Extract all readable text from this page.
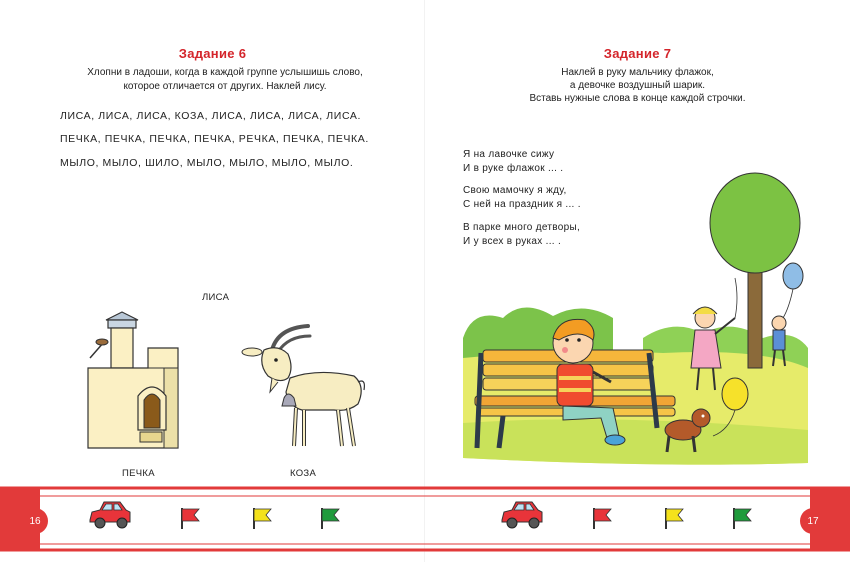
Задание 6
Хлопни в ладоши, когда в каждой группе услышишь слово,
которое отличается от других. Наклей лису.
ЛИСА, ЛИСА, ЛИСА, КОЗА, ЛИСА, ЛИСА, ЛИСА, ЛИСА.
ПЕЧКА, ПЕЧКА, ПЕЧКА, ПЕЧКА, РЕЧКА, ПЕЧКА, ПЕЧКА.
МЫЛО, МЫЛО, ШИЛО, МЫЛО, МЫЛО, МЫЛО, МЫЛО.
ЛИСА
ПЕЧКА	КОЗА
Задание 7
Наклей в руку мальчику флажок,
а девочке воздушный шарик.
Вставь нужные слова в конце каждой строчки.
Я на лавочке сижу
И в руке флажок ... .
Свою мамочку я жду,
С ней на праздник я ... .
В парке много детворы,
И у всех в руках ... .
16	17
